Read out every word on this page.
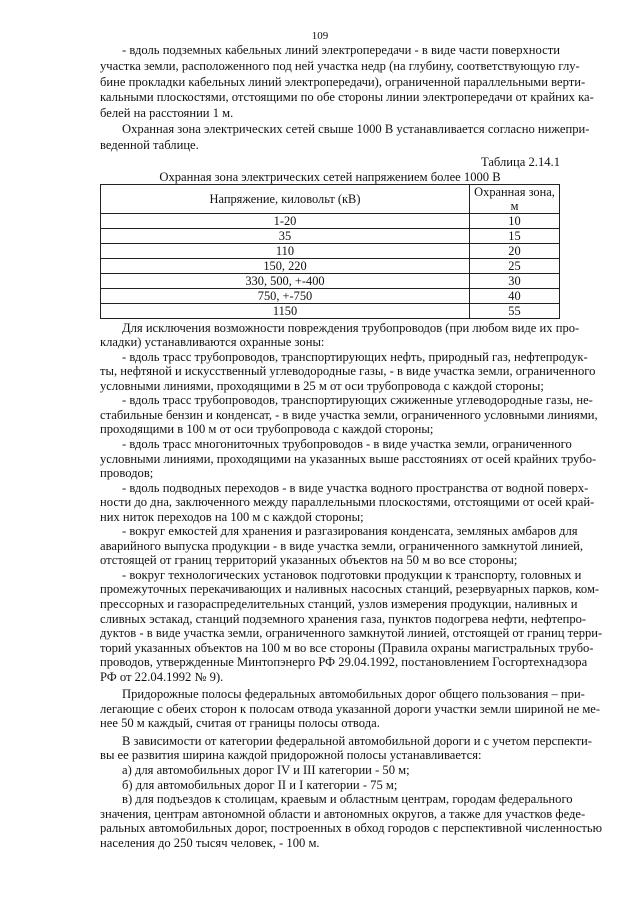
109
- вдоль подземных кабельных линий электропередачи - в виде части поверхности
участка земли, расположенного под ней участка недр (на глубину, соответствующую глу-
бине прокладки кабельных линий электропередачи), ограниченной параллельными верти-
кальными плоскостями, отстоящими по обе стороны линии электропередачи от крайних ка-
белей на расстоянии 1 м.
Охранная зона электрических сетей свыше 1000 В устанавливается согласно нижепри-
веденной таблице.
Таблица 2.14.1
Охранная зона электрических сетей напряжением более 1000 В
Напряжение, киловольт (кВ)	Охранная зона, м
1-20	10
35	15
110	20
150, 220	25
330, 500, +-400	30
750, +-750	40
1150	55
Для исключения возможности повреждения трубопроводов (при любом виде их про-
кладки) устанавливаются охранные зоны:
- вдоль трасс трубопроводов, транспортирующих нефть, природный газ, нефтепродук-
ты, нефтяной и искусственный углеводородные газы, - в виде участка земли, ограниченного
условными линиями, проходящими в 25 м от оси трубопровода с каждой стороны;
- вдоль трасс трубопроводов, транспортирующих сжиженные углеводородные газы, не-
стабильные бензин и конденсат, - в виде участка земли, ограниченного условными линиями,
проходящими в 100 м от оси трубопровода с каждой стороны;
- вдоль трасс многониточных трубопроводов - в виде участка земли, ограниченного
условными линиями, проходящими на указанных выше расстояниях от осей крайних трубо-
проводов;
- вдоль подводных переходов - в виде участка водного пространства от водной поверх-
ности до дна, заключенного между параллельными плоскостями, отстоящими от осей край-
них ниток переходов на 100 м с каждой стороны;
- вокруг емкостей для хранения и разгазирования конденсата, земляных амбаров для
аварийного выпуска продукции - в виде участка земли, ограниченного замкнутой линией,
отстоящей от границ территорий указанных объектов на 50 м во все стороны;
- вокруг технологических установок подготовки продукции к транспорту, головных и
промежуточных перекачивающих и наливных насосных станций, резервуарных парков, ком-
прессорных и газораспределительных станций, узлов измерения продукции, наливных и
сливных эстакад, станций подземного хранения газа, пунктов подогрева нефти, нефтепро-
дуктов - в виде участка земли, ограниченного замкнутой линией, отстоящей от границ терри-
торий указанных объектов на 100 м во все стороны (Правила охраны магистральных трубо-
проводов, утвержденные Минтопэнерго РФ 29.04.1992, постановлением Госгортехнадзора
РФ от 22.04.1992 № 9).
Придорожные полосы федеральных автомобильных дорог общего пользования – при-
легающие с обеих сторон к полосам отвода указанной дороги участки земли шириной не ме-
нее 50 м каждый, считая от границы полосы отвода.
В зависимости от категории федеральной автомобильной дороги и с учетом перспекти-
вы ее развития ширина каждой придорожной полосы устанавливается:
а) для автомобильных дорог IV и III категории - 50 м;
б) для автомобильных дорог II и I категории - 75 м;
в) для подъездов к столицам, краевым и областным центрам, городам федерального
значения, центрам автономной области и автономных округов, а также для участков феде-
ральных автомобильных дорог, построенных в обход городов с перспективной численностью
населения до 250 тысяч человек, - 100 м.
